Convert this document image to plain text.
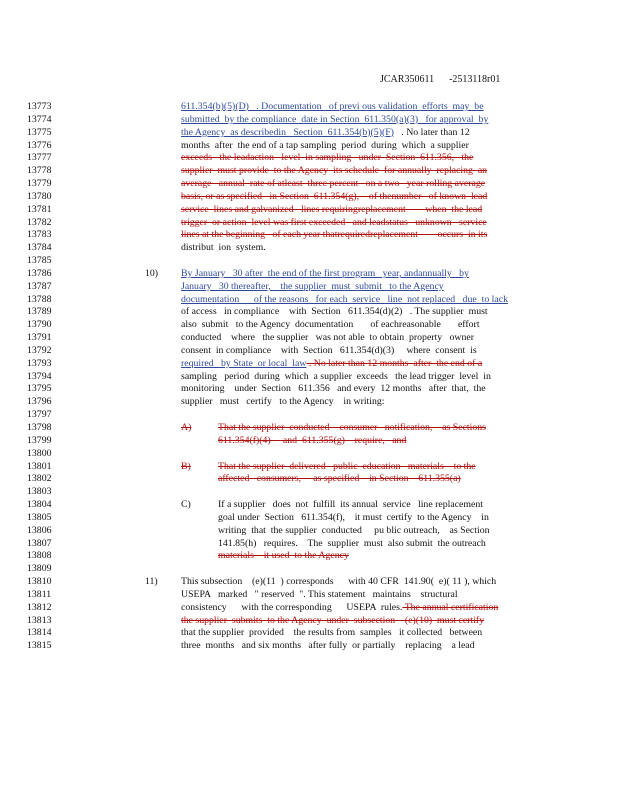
JCAR350611 -2513118r01
13773	611.354(b)(5)(D)   . Documentation   of previ ous validation  efforts  may  be
13774	submitted  by the compliance  date in Section  611.350(a)(3)   for approval  by
13775	the Agency  as describedin   Section  611.354(b)(5)(F)   . No later than 12
13776	months  after  the end of a tap sampling  period  during  which  a supplier
13777	exceeds   the leadaction   level  in sampling   under  Section  611.356,   the
13778	supplier  must provide  to the Agency  its schedule  for annually  replacing  an
13779	average   annual  rate of atleast  three percent   on a two   year rolling average
13780	basis, or as specified   in Section  611.354(g),    of thenumber   of known  lead
13781	service  lines and galvanized   lines requiringreplacement        when  the lead
13782	trigger  or action  level was first exceeded   and leadstatus   unknown   service
13783	lines at the beginning   of each year thatrequiredreplacement        occurs  in its
13784	distribut  ion  system.
13785
13786	10) By January   30 after  the end of the first program   year, andannually   by
13787	January   30 thereafter,    the supplier  must  submit   to the Agency
13788	documentation      of the reasons   for each  service   line  not replaced   due  to lack
13789	of access   in compliance    with  Section   611.354(d)(2)   . The supplier  must
13790	also  submit   to the Agency  documentation       of eachreasonable       effort
13791	conducted    where   the supplier   was not able  to obtain  property   owner
13792	consent  in compliance    with  Section   611.354(d)(3)     where  consent  is
13793	required   by State  or local  law . No later than 12 months  after  the end of a
13794	sampling   period  during  which  a supplier  exceeds   the lead trigger  level  in
13795	monitoring    under  Section   611.356   and every  12 months   after  that,  the
13796	supplier   must   certify   to the Agency    in writing:
13797
13798	A)	That the supplier  conducted    consumer   notification,    as Sections
13799	611.354(f)(4)     and  611.355(g)    require,   and
13800
13801	B)	That the supplier  delivered   public  education   materials    to the
13802	affected   consumers,     as specified    in Section    611.355(a)
13803
13804	C)	If a supplier   does  not  fulfill  its annual  service   line replacement
13805	goal under  Section   611.354(f),    it must  certify  to the Agency    in
13806	writing  that  the supplier  conducted     pu blic outreach,    as Section
13807	141.85(h)   requires.    The  supplier  must  also submit  the outreach
13808	materials    it used  to the Agency
13809
13810	11) This subsection    (e)(11  ) corresponds      with 40 CFR  141.90(  e)( 11 ), which
13811	USEPA   marked   " reserved  ". This statement   maintains    structural
13812	consistency      with the corresponding      USEPA  rules. The annual certification
13813	the supplier  submits  to the Agency  under  subsection    (e)(10)  must certify
13814	that the supplier  provided    the results from  samples   it collected   between
13815	three  months   and six months   after fully  or partially    replacing    a lead
